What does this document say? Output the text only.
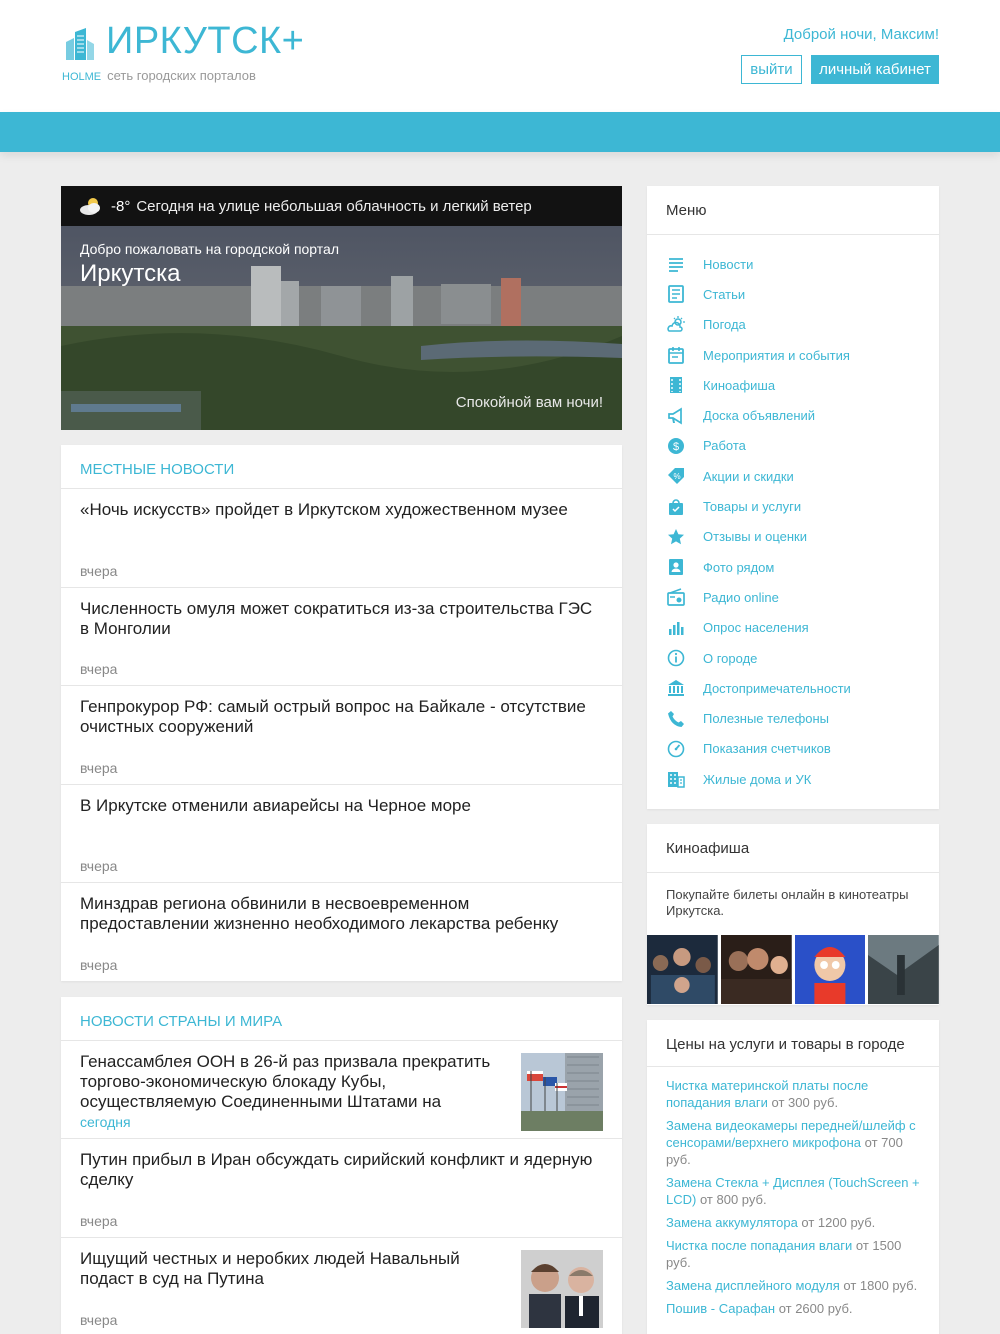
ИРКУТСК+
HOLME сеть городских порталов
Доброй ночи, Максим!
выйти	личный кабинет
-8° Сегодня на улице небольшая облачность и легкий ветер
Добро пожаловать на городской портал
Иркутска
Спокойной вам ночи!
МЕСТНЫЕ НОВОСТИ
«Ночь искусств» пройдет в Иркутском художественном музее
вчера
Численность омуля может сократиться из-за строительства ГЭС в Монголии
вчера
Генпрокурор РФ: самый острый вопрос на Байкале - отсутствие очистных сооружений
вчера
В Иркутске отменили авиарейсы на Черное море
вчера
Минздрав региона обвинили в несвоевременном предоставлении жизненно необходимого лекарства ребенку
вчера
НОВОСТИ СТРАНЫ И МИРА
Генассамблея ООН в 26-й раз призвала прекратить торгово-экономическую блокаду Кубы, осуществляемую Соединенными Штатами на
сегодня
Путин прибыл в Иран обсуждать сирийский конфликт и ядерную сделку
вчера
Ищущий честных и неробких людей Навальный подаст в суд на Путина
вчера
Меню
Новости
Статьи
Погода
Мероприятия и события
Киноафиша
Доска объявлений
$ Работа
% Акции и скидки
Товары и услуги
Отзывы и оценки
Фото рядом
Радио online
Опрос населения
О городе
Достопримечательности
Полезные телефоны
Показания счетчиков
Жилые дома и УК
Киноафиша
Покупайте билеты онлайн в кинотеатры Иркутска.
Цены на услуги и товары в городе
Чистка материнской платы после попадания влаги от 300 руб.
Замена видеокамеры передней/шлейф с сенсорами/верхнего микрофона от 700 руб.
Замена Стекла + Дисплея (TouchScreen + LCD) от 800 руб.
Замена аккумулятора от 1200 руб.
Чистка после попадания влаги от 1500 руб.
Замена дисплейного модуля от 1800 руб.
Пошив - Сарафан от 2600 руб.
